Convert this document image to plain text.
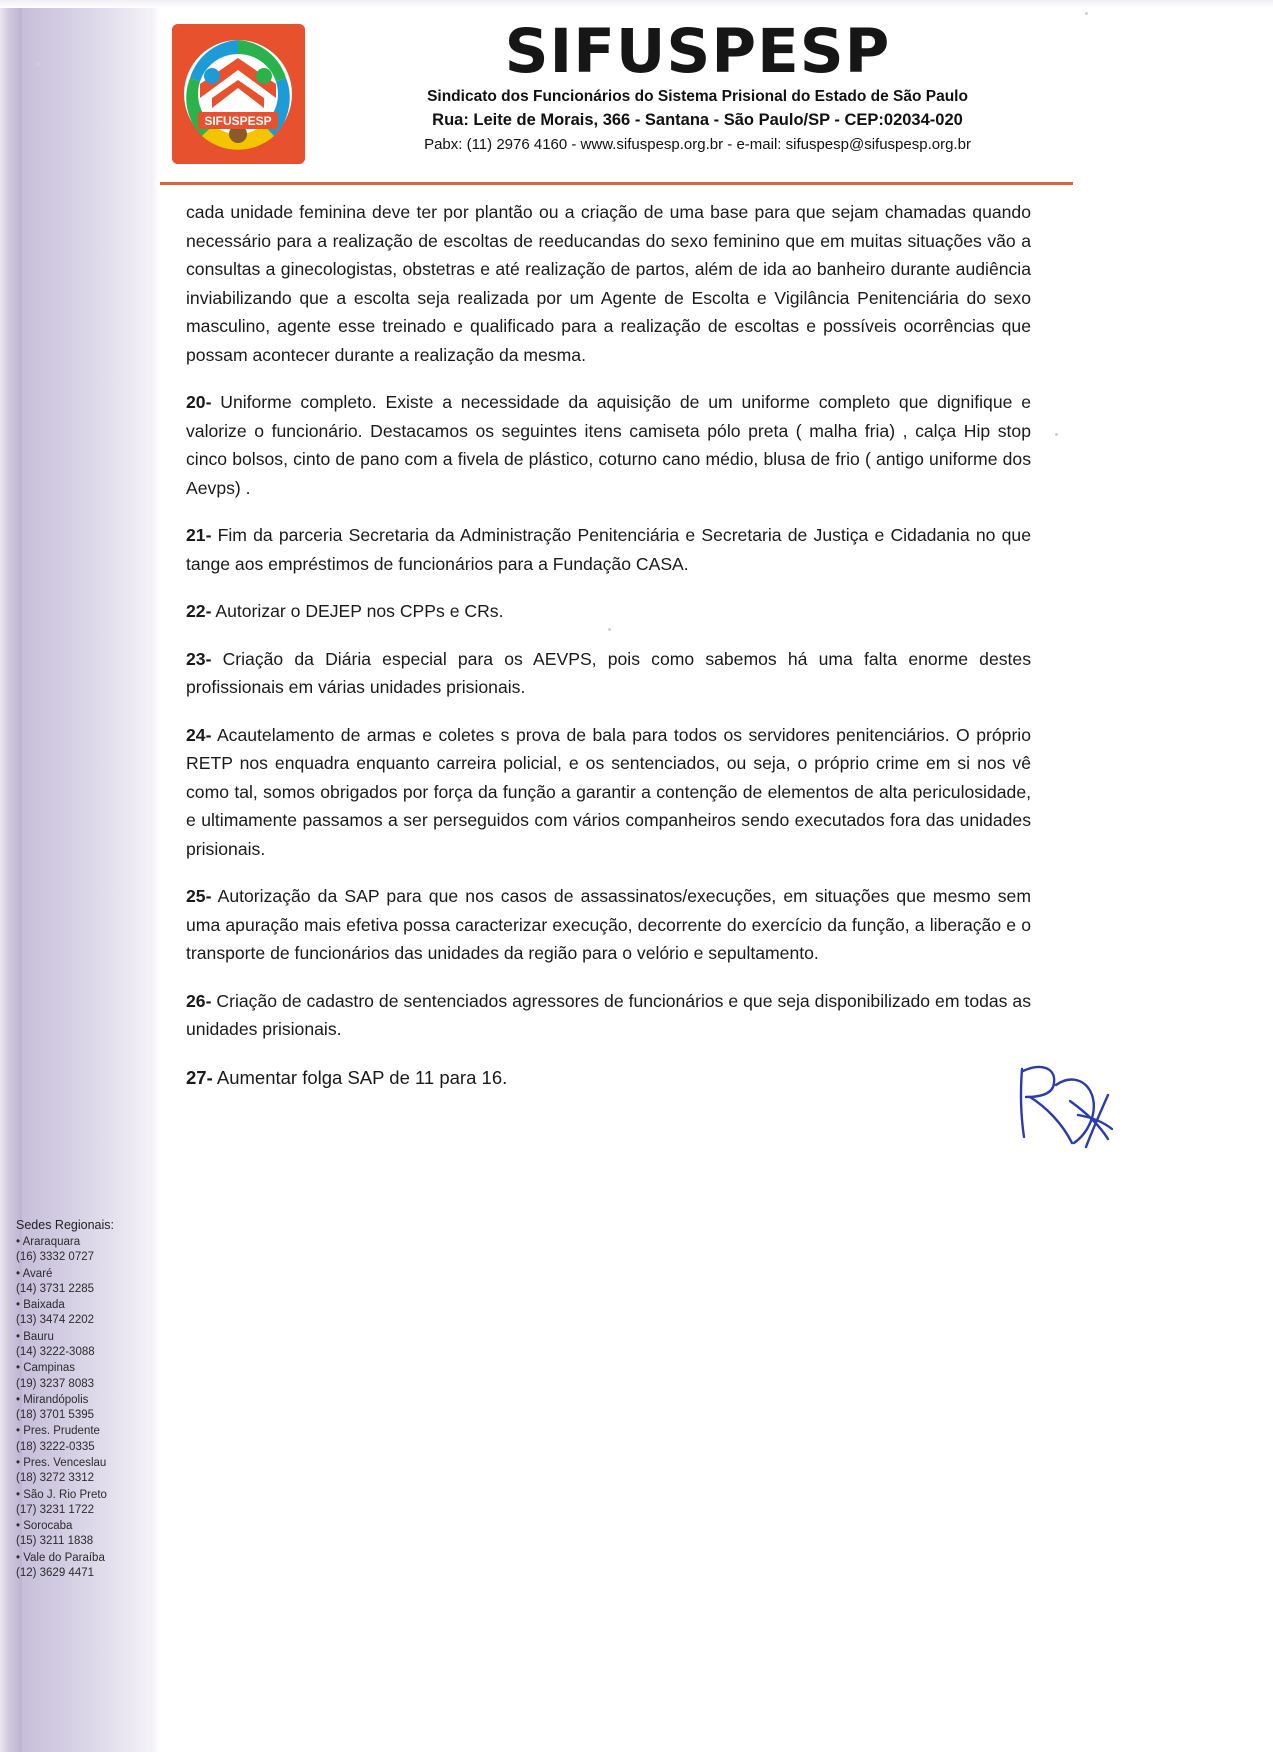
SIFUSPESP
SIFUSPESP
Sindicato dos Funcionários do Sistema Prisional do Estado de São Paulo
Rua: Leite de Morais, 366 - Santana - São Paulo/SP - CEP:02034-020
Pabx: (11) 2976 4160 - www.sifuspesp.org.br - e-mail: sifuspesp@sifuspesp.org.br

cada unidade feminina deve ter por plantão ou a criação de uma base para que sejam chamadas quando necessário para a realização de escoltas de reeducandas do sexo feminino que em muitas situações vão a consultas a ginecologistas, obstetras e até realização de partos, além de ida ao banheiro durante audiência inviabilizando que a escolta seja realizada por um Agente de Escolta e Vigilância Penitenciária do sexo masculino, agente esse treinado e qualificado para a realização de escoltas e possíveis ocorrências que possam acontecer durante a realização da mesma.

20- Uniforme completo. Existe a necessidade da aquisição de um uniforme completo que dignifique e valorize o funcionário. Destacamos os seguintes itens camiseta pólo preta ( malha fria) , calça Hip stop cinco bolsos, cinto de pano com a fivela de plástico, coturno cano médio, blusa de frio ( antigo uniforme dos Aevps) .

21- Fim da parceria Secretaria da Administração Penitenciária e Secretaria de Justiça e Cidadania no que tange aos empréstimos de funcionários para a Fundação CASA.

22- Autorizar o DEJEP nos CPPs e CRs.

23- Criação da Diária especial para os AEVPS, pois como sabemos há uma falta enorme destes profissionais em várias unidades prisionais.

24- Acautelamento de armas e coletes s prova de bala para todos os servidores penitenciários. O próprio RETP nos enquadra enquanto carreira policial, e os sentenciados, ou seja, o próprio crime em si nos vê como tal, somos obrigados por força da função a garantir a contenção de elementos de alta periculosidade, e ultimamente passamos a ser perseguidos com vários companheiros sendo executados fora das unidades prisionais.

25- Autorização da SAP para que nos casos de assassinatos/execuções, em situações que mesmo sem uma apuração mais efetiva possa caracterizar execução, decorrente do exercício da função, a liberação e o transporte de funcionários das unidades da região para o velório e sepultamento.

26- Criação de cadastro de sentenciados agressores de funcionários e que seja disponibilizado em todas as unidades prisionais.

27- Aumentar folga SAP de 11 para 16.

Sedes Regionais:
• Araraquara
(16) 3332 0727
• Avaré
(14) 3731 2285
• Baixada
(13) 3474 2202
• Bauru
(14) 3222-3088
• Campinas
(19) 3237 8083
• Mirandópolis
(18) 3701 5395
• Pres. Prudente
(18) 3222-0335
• Pres. Venceslau
(18) 3272 3312
• São J. Rio Preto
(17) 3231 1722
• Sorocaba
(15) 3211 1838
• Vale do Paraíba
(12) 3629 4471
